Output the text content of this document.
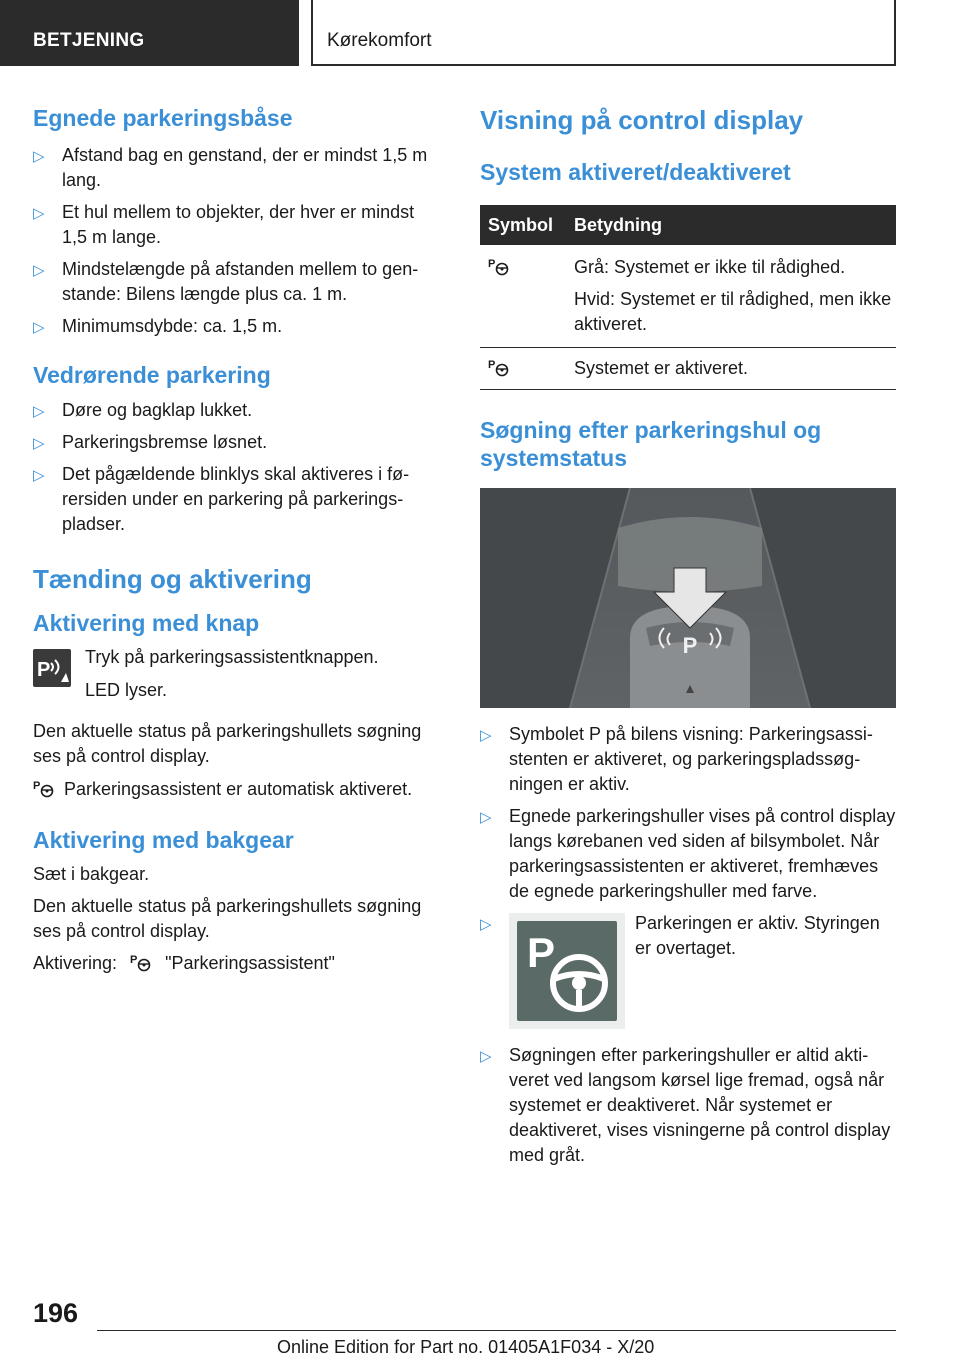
BETJENING	Kørekomfort
Egnede parkeringsbåse
▷ Afstand bag en genstand, der er mindst 1,5 m lang.
▷ Et hul mellem to objekter, der hver er mindst 1,5 m lange.
▷ Mindstelængde på afstanden mellem to genstande: Bilens længde plus ca. 1 m.
▷ Minimumsdybde: ca. 1,5 m.
Vedrørende parkering
▷ Døre og bagklap lukket.
▷ Parkeringsbremse løsnet.
▷ Det pågældende blinklys skal aktiveres i førersiden under en parkering på parkeringspladser.
Tænding og aktivering
Aktivering med knap
P

Tryk på parkeringsassistentknappen.

LED lyser.

Den aktuelle status på parkeringshullets søgning ses på control display.

P Parkeringsassistent er automatisk aktiveret.

Aktivering med bakgear

Sæt i bakgear.

Den aktuelle status på parkeringshullets søgning ses på control display.

Aktivering: P "Parkeringsassistent"

Visning på control display
System aktiveret/deaktiveret
Symbol	Betydning

P	Grå: Systemet er ikke til rådighed.
Hvid: Systemet er til rådighed, men ikke aktiveret.

P	Systemet er aktiveret.
Søgning efter parkeringshul og systemstatus
P
▷ Symbolet P på bilens visning: Parkeringsassistenten er aktiveret, og parkeringspladssøgningen er aktiv.
▷ Egnede parkeringshuller vises på control display langs kørebanen ved siden af bilsymbolet. Når parkeringsassistenten er aktiveret, fremhæves de egnede parkeringshuller med farve.
▷
P
Parkeringen er aktiv. Styringen er overtaget.
▷ Søgningen efter parkeringshuller er altid aktiveret ved langsom kørsel lige fremad, også når systemet er deaktiveret. Når systemet er deaktiveret, vises visningerne på control display med gråt.
196
Online Edition for Part no. 01405A1F034 - X/20
